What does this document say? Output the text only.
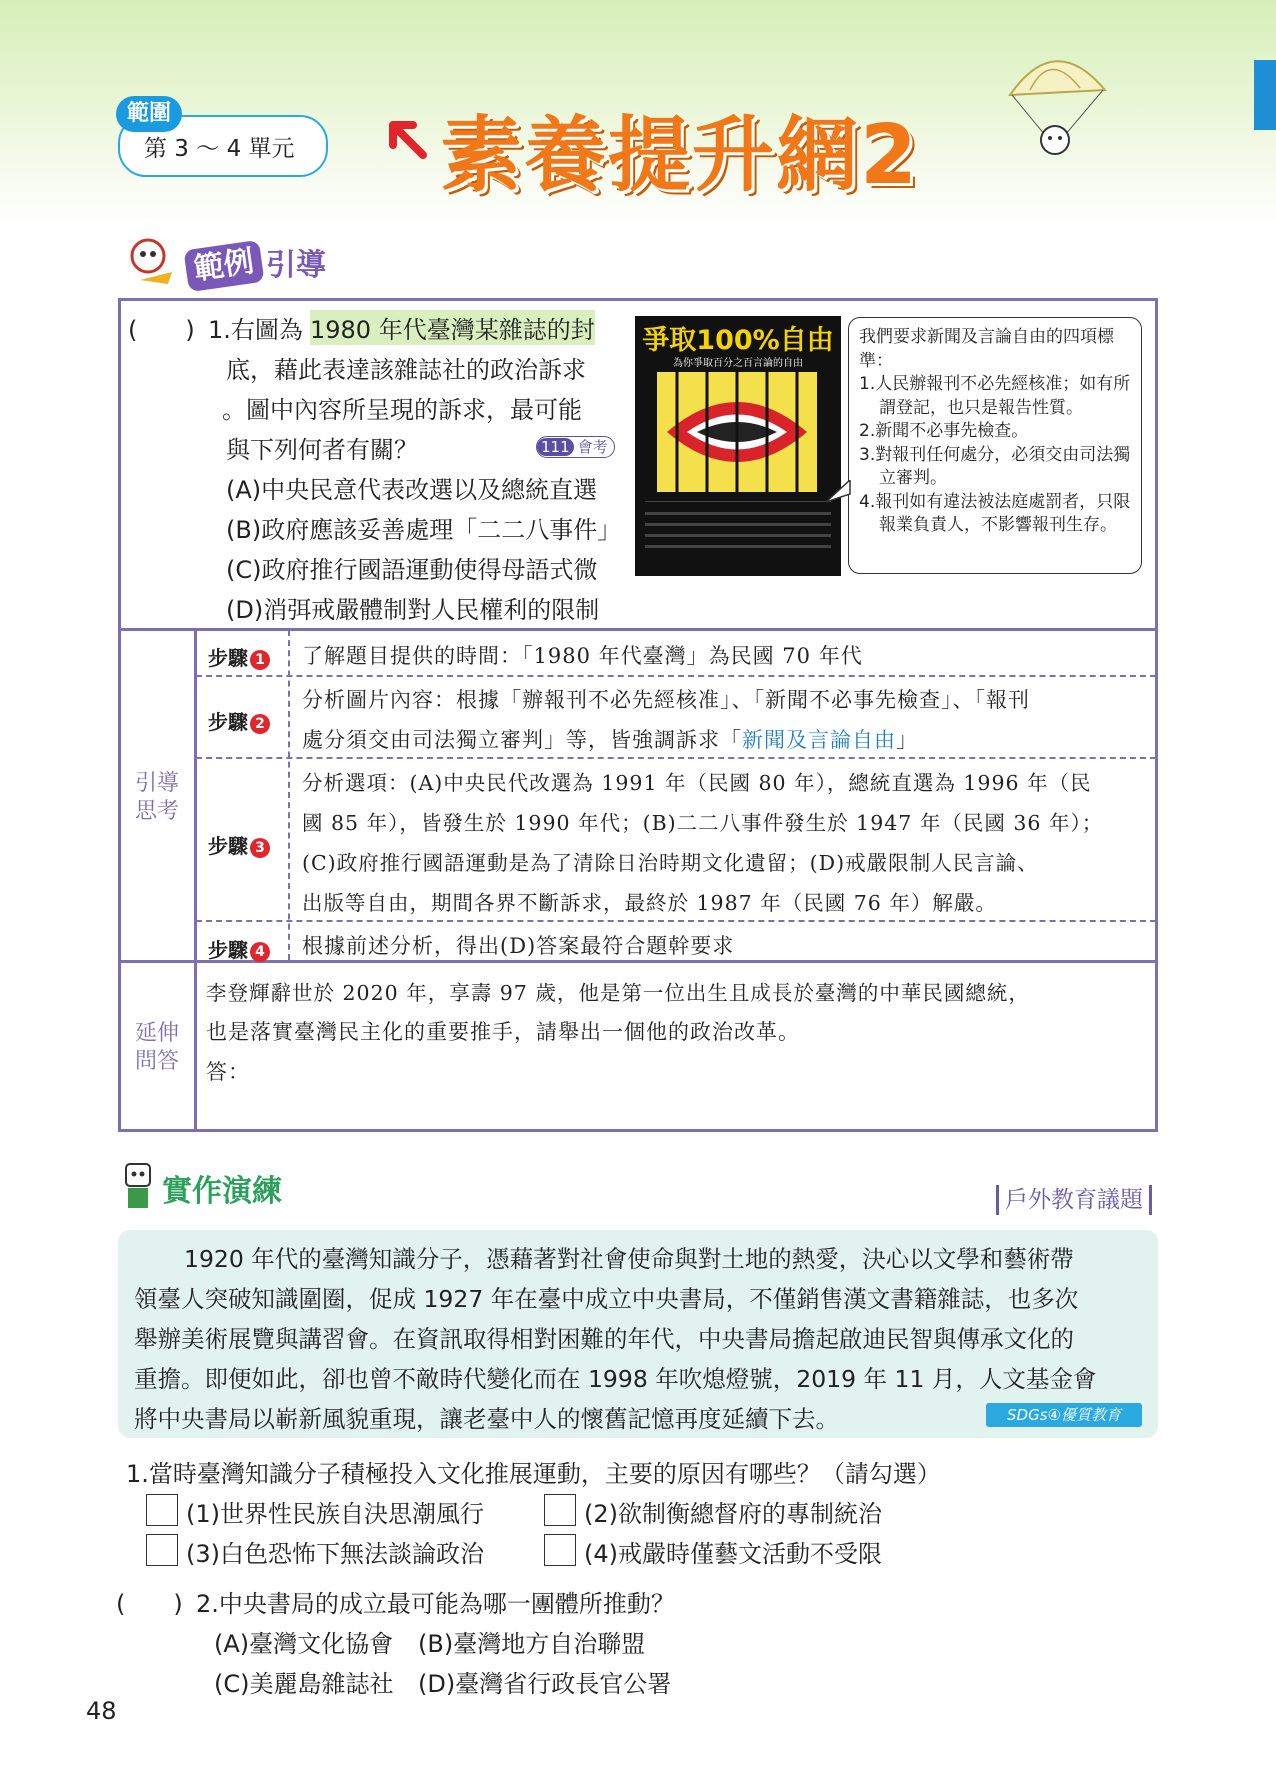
範圍
第 3 ～ 4 單元 素養提升網2
範例 引導
(　　) 1.右圖為 1980 年代臺灣某雜誌的封
底，藉此表達該雜誌社的政治訴求
。圖中內容所呈現的訴求，最可能
與下列何者有關？	111 會考
(A)中央民意代表改選以及總統直選
(B)政府應該妥善處理「二二八事件」
(C)政府推行國語運動使得母語式微
(D)消弭戒嚴體制對人民權利的限制
爭取100%自由
為你爭取百分之百言論的自由
我們要求新聞及言論自由的四項標準：
1.人民辦報刊不必先經核准；如有所謂登記，也只是報告性質。
2.新聞不必事先檢查。
3.對報刊任何處分，必須交由司法獨立審判。
4.報刊如有違法被法庭處罰者，只限報業負責人，不影響報刊生存。
引導
思考
步驟 1 了解題目提供的時間：「1980 年代臺灣」為民國 70 年代
步驟 2
分析圖片內容：根據「辦報刊不必先經核准」、「新聞不必事先檢查」、「報刊
處分須交由司法獨立審判」等，皆強調訴求「新聞及言論自由」
步驟 3
分析選項：(A)中央民代改選為 1991 年（民國 80 年），總統直選為 1996 年（民
國 85 年），皆發生於 1990 年代；(B)二二八事件發生於 1947 年（民國 36 年）；
(C)政府推行國語運動是為了清除日治時期文化遺留；(D)戒嚴限制人民言論、
出版等自由，期間各界不斷訴求，最終於 1987 年（民國 76 年）解嚴。
步驟 4 根據前述分析，得出(D)答案最符合題幹要求
延伸
問答
李登輝辭世於 2020 年，享壽 97 歲，他是第一位出生且成長於臺灣的中華民國總統，
也是落實臺灣民主化的重要推手，請舉出一個他的政治改革。
答：
實作演練	戶外教育議題
1920 年代的臺灣知識分子，憑藉著對社會使命與對土地的熱愛，決心以文學和藝術帶
領臺人突破知識圍圈，促成 1927 年在臺中成立中央書局，不僅銷售漢文書籍雜誌，也多次
舉辦美術展覽與講習會。在資訊取得相對困難的年代，中央書局擔起啟迪民智與傳承文化的
重擔。即便如此，卻也曾不敵時代變化而在 1998 年吹熄燈號，2019 年 11 月，人文基金會
將中央書局以嶄新風貌重現，讓老臺中人的懷舊記憶再度延續下去。	SDGs④優質教育
1.當時臺灣知識分子積極投入文化推展運動，主要的原因有哪些？（請勾選）
(1)世界性民族自決思潮風行	(2)欲制衡總督府的專制統治
(3)白色恐怖下無法談論政治	(4)戒嚴時僅藝文活動不受限
(　　) 2.中央書局的成立最可能為哪一團體所推動？
(A)臺灣文化協會 (B)臺灣地方自治聯盟
(C)美麗島雜誌社 (D)臺灣省行政長官公署
48
